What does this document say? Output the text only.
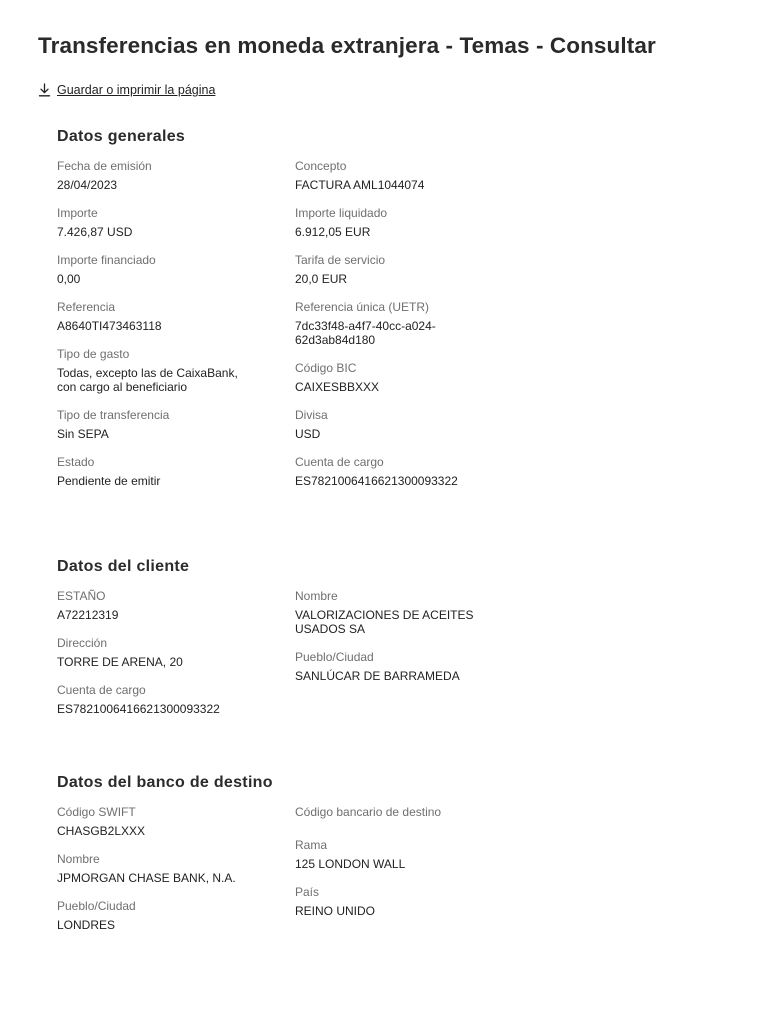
Transferencias en moneda extranjera - Temas - Consultar
Guardar o imprimir la página
Datos generales
Fecha de emisión
28/04/2023
Importe
7.426,87 USD
Importe financiado
0,00
Referencia
A8640TI473463118
Tipo de gasto
Todas, excepto las de CaixaBank,
con cargo al beneficiario
Tipo de transferencia
Sin SEPA
Estado
Pendiente de emitir
Concepto
FACTURA AML1044074
Importe liquidado
6.912,05 EUR
Tarifa de servicio
20,0 EUR
Referencia única (UETR)
7dc33f48-a4f7-40cc-a024-
62d3ab84d180
Código BIC
CAIXESBBXXX
Divisa
USD
Cuenta de cargo
ES7821006416621300093322
Datos del cliente
ESTAÑO
A72212319
Dirección
TORRE DE ARENA, 20
Cuenta de cargo
ES7821006416621300093322
Nombre
VALORIZACIONES DE ACEITES
USADOS SA
Pueblo/Ciudad
SANLÚCAR DE BARRAMEDA
Datos del banco de destino
Código SWIFT
CHASGB2LXXX
Nombre
JPMORGAN CHASE BANK, N.A.
Pueblo/Ciudad
LONDRES
Código bancario de destino
Rama
125 LONDON WALL
País
REINO UNIDO
